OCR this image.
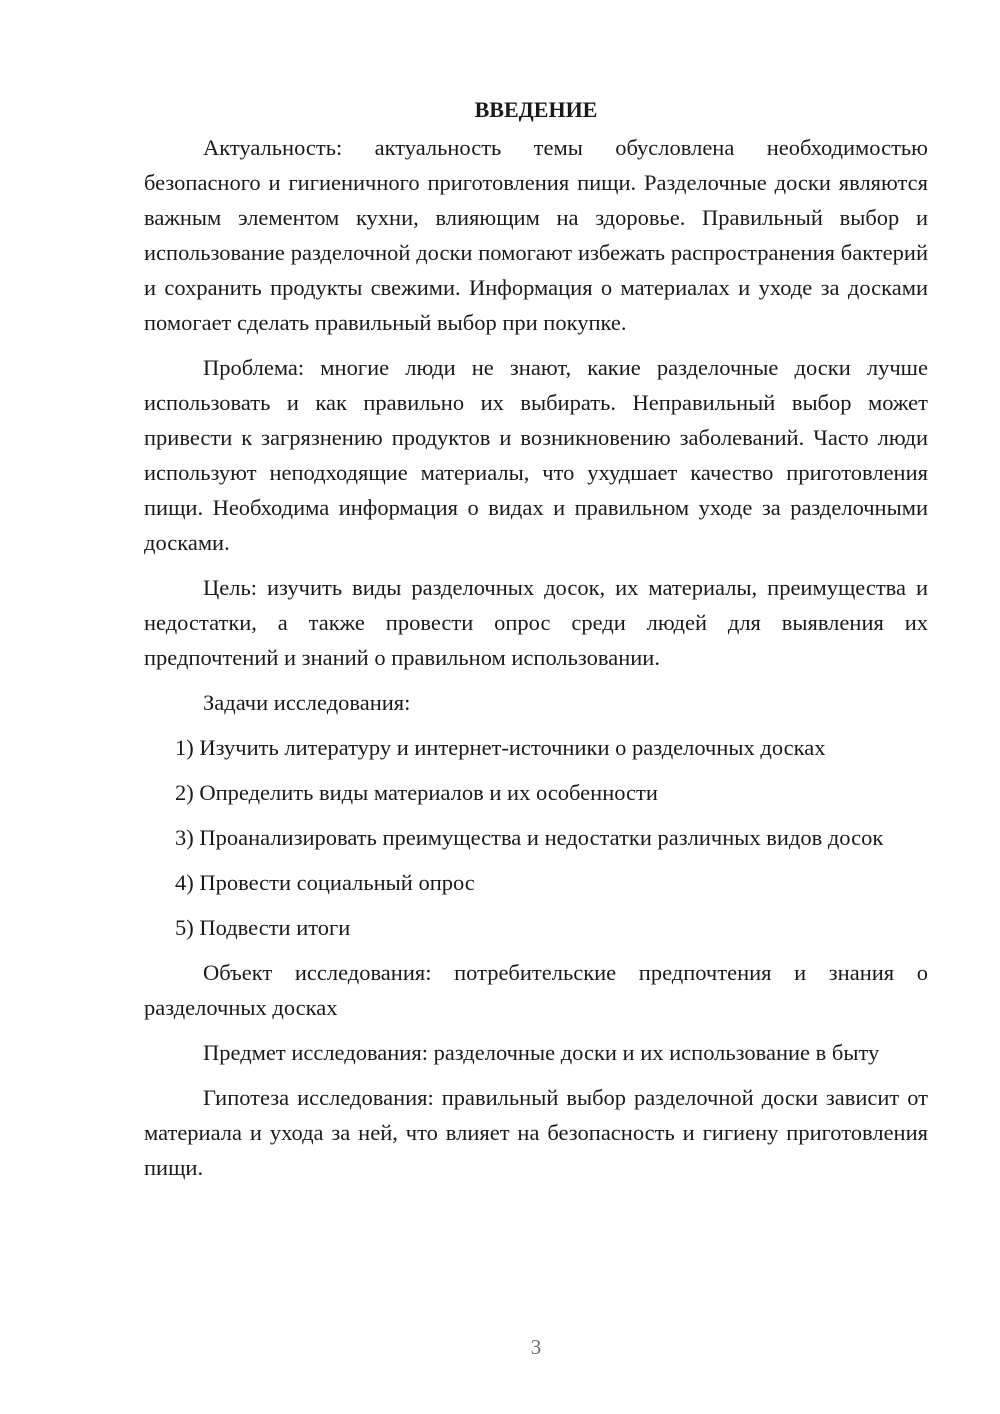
ВВЕДЕНИЕ

Актуальность: актуальность темы обусловлена необходимостью безопасного и гигиеничного приготовления пищи. Разделочные доски являются важным элементом кухни, влияющим на здоровье. Правильный выбор и использование разделочной доски помогают избежать распространения бактерий и сохранить продукты свежими. Информация о материалах и уходе за досками помогает сделать правильный выбор при покупке.

Проблема: многие люди не знают, какие разделочные доски лучше использовать и как правильно их выбирать. Неправильный выбор может привести к загрязнению продуктов и возникновению заболеваний. Часто люди используют неподходящие материалы, что ухудшает качество приготовления пищи. Необходима информация о видах и правильном уходе за разделочными досками.

Цель: изучить виды разделочных досок, их материалы, преимущества и недостатки, а также провести опрос среди людей для выявления их предпочтений и знаний о правильном использовании.

Задачи исследования:

1) Изучить литературу и интернет-источники о разделочных досках

2) Определить виды материалов и их особенности

3) Проанализировать преимущества и недостатки различных видов досок

4) Провести социальный опрос

5) Подвести итоги

Объект исследования: потребительские предпочтения и знания о разделочных досках

Предмет исследования: разделочные доски и их использование в быту

Гипотеза исследования: правильный выбор разделочной доски зависит от материала и ухода за ней, что влияет на безопасность и гигиену приготовления пищи.

3
